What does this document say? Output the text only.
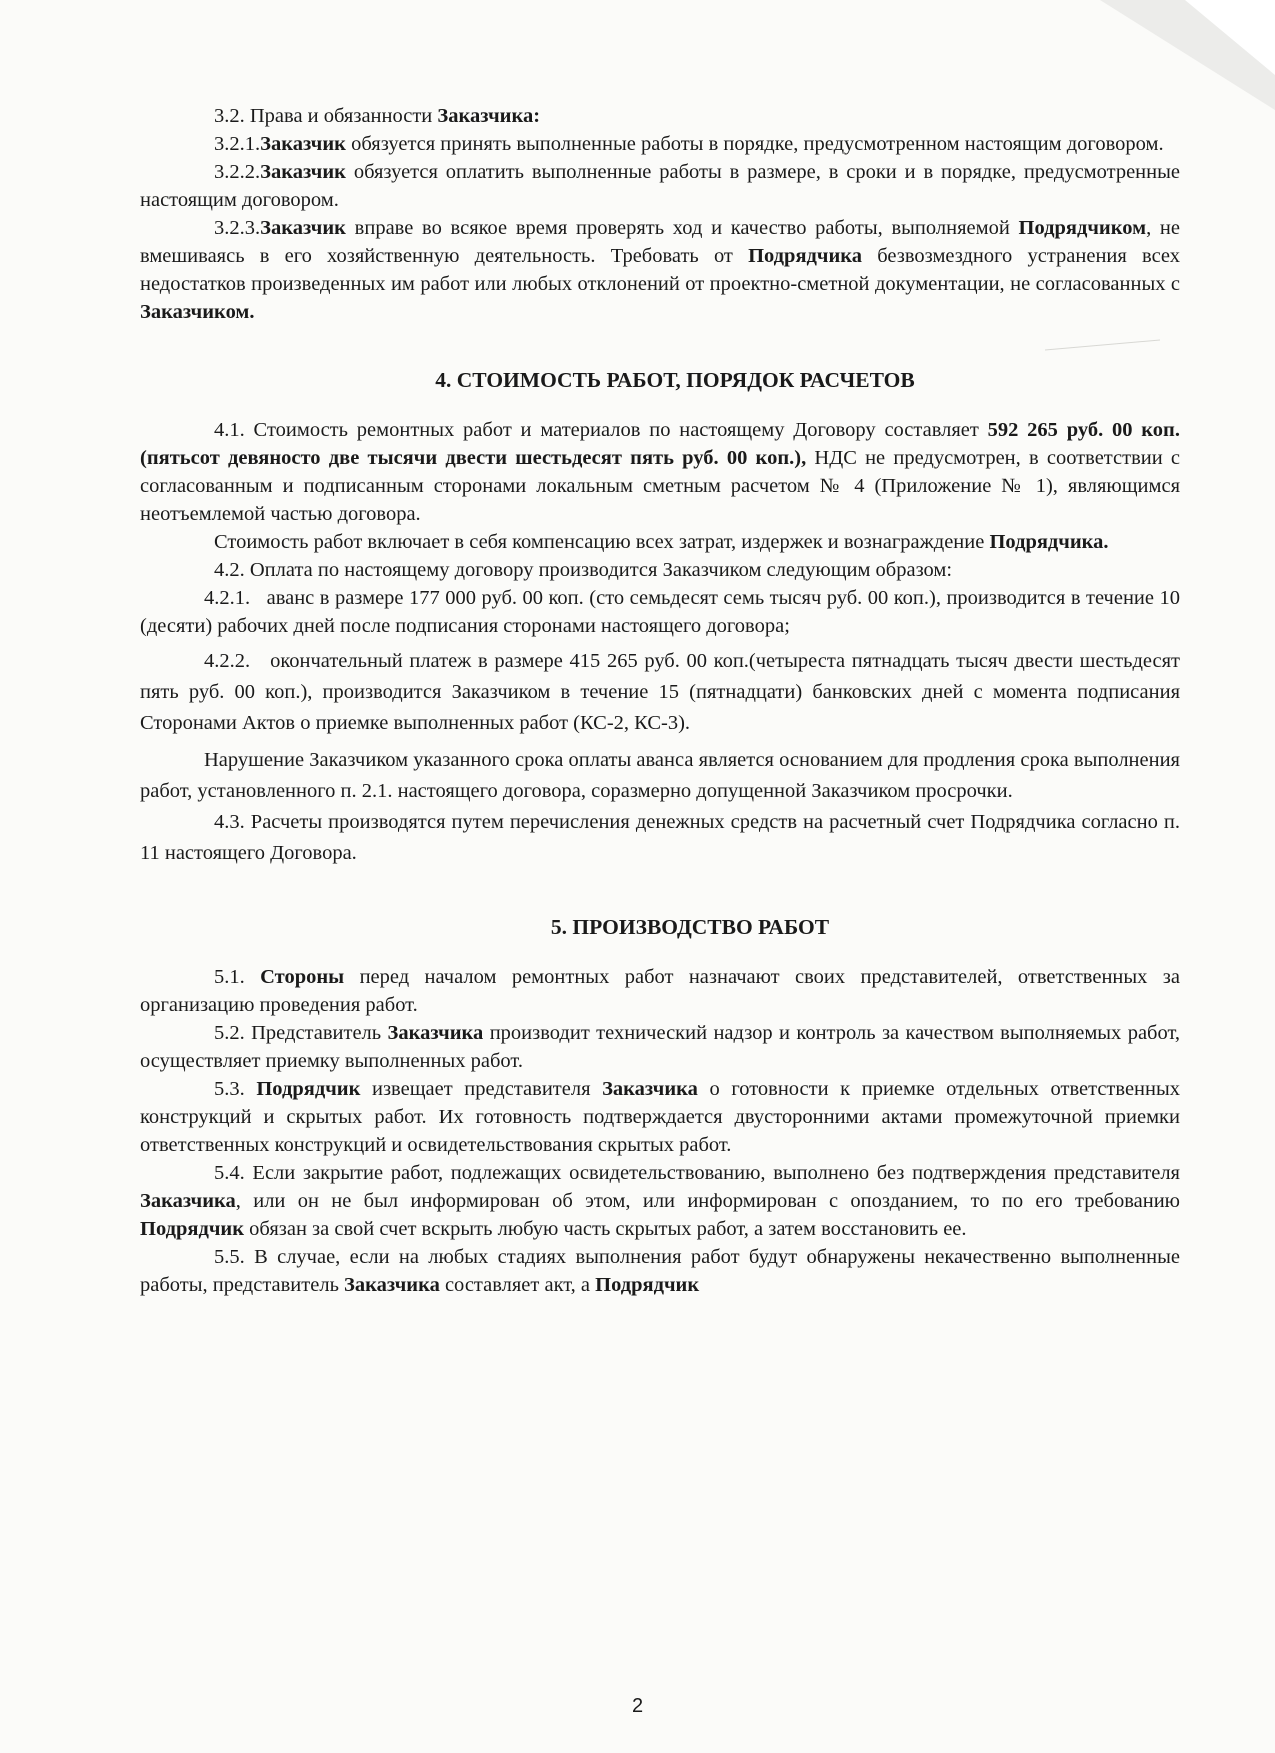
3.2. Права и обязанности Заказчика:

3.2.1.Заказчик обязуется принять выполненные работы в порядке, предусмотренном настоящим договором.

3.2.2.Заказчик обязуется оплатить выполненные работы в размере, в сроки и в порядке, предусмотренные настоящим договором.

3.2.3.Заказчик вправе во всякое время проверять ход и качество работы, выполняемой Подрядчиком, не вмешиваясь в его хозяйственную деятельность. Требовать от Подрядчика безвозмездного устранения всех недостатков произведенных им работ или любых отклонений от проектно-сметной документации, не согласованных с Заказчиком.

4. СТОИМОСТЬ РАБОТ, ПОРЯДОК РАСЧЕТОВ

4.1. Стоимость ремонтных работ и материалов по настоящему Договору составляет 592 265 руб. 00 коп. (пятьсот девяносто две тысячи двести шестьдесят пять руб. 00 коп.), НДС не предусмотрен, в соответствии с согласованным и подписанным сторонами локальным сметным расчетом № 4 (Приложение № 1), являющимся неотъемлемой частью договора.

Стоимость работ включает в себя компенсацию всех затрат, издержек и вознаграждение Подрядчика.

4.2. Оплата по настоящему договору производится Заказчиком следующим образом:

4.2.1.   аванс в размере 177 000 руб. 00 коп. (сто семьдесят семь тысяч руб. 00 коп.), производится в течение 10 (десяти) рабочих дней после подписания сторонами настоящего договора;

4.2.2.   окончательный платеж в размере 415 265 руб. 00 коп.(четыреста пятнадцать тысяч двести шестьдесят пять руб. 00 коп.), производится Заказчиком в течение 15 (пятнадцати) банковских дней с момента подписания Сторонами Актов о приемке выполненных работ (КС-2, КС-3).

Нарушение Заказчиком указанного срока оплаты аванса является основанием для продления срока выполнения работ, установленного п. 2.1. настоящего договора, соразмерно допущенной Заказчиком просрочки.

4.3. Расчеты производятся путем перечисления денежных средств на расчетный счет Подрядчика согласно п. 11 настоящего Договора.

5. ПРОИЗВОДСТВО РАБОТ

5.1. Стороны перед началом ремонтных работ назначают своих представителей, ответственных за организацию проведения работ.

5.2. Представитель Заказчика производит технический надзор и контроль за качеством выполняемых работ, осуществляет приемку выполненных работ.

5.3. Подрядчик извещает представителя Заказчика о готовности к приемке отдельных ответственных конструкций и скрытых работ. Их готовность подтверждается двусторонними актами промежуточной приемки ответственных конструкций и освидетельствования скрытых работ.

5.4. Если закрытие работ, подлежащих освидетельствованию, выполнено без подтверждения представителя Заказчика, или он не был информирован об этом, или информирован с опозданием, то по его требованию Подрядчик обязан за свой счет вскрыть любую часть скрытых работ, а затем восстановить ее.

5.5. В случае, если на любых стадиях выполнения работ будут обнаружены некачественно выполненные работы, представитель Заказчика составляет акт, а Подрядчик

2
